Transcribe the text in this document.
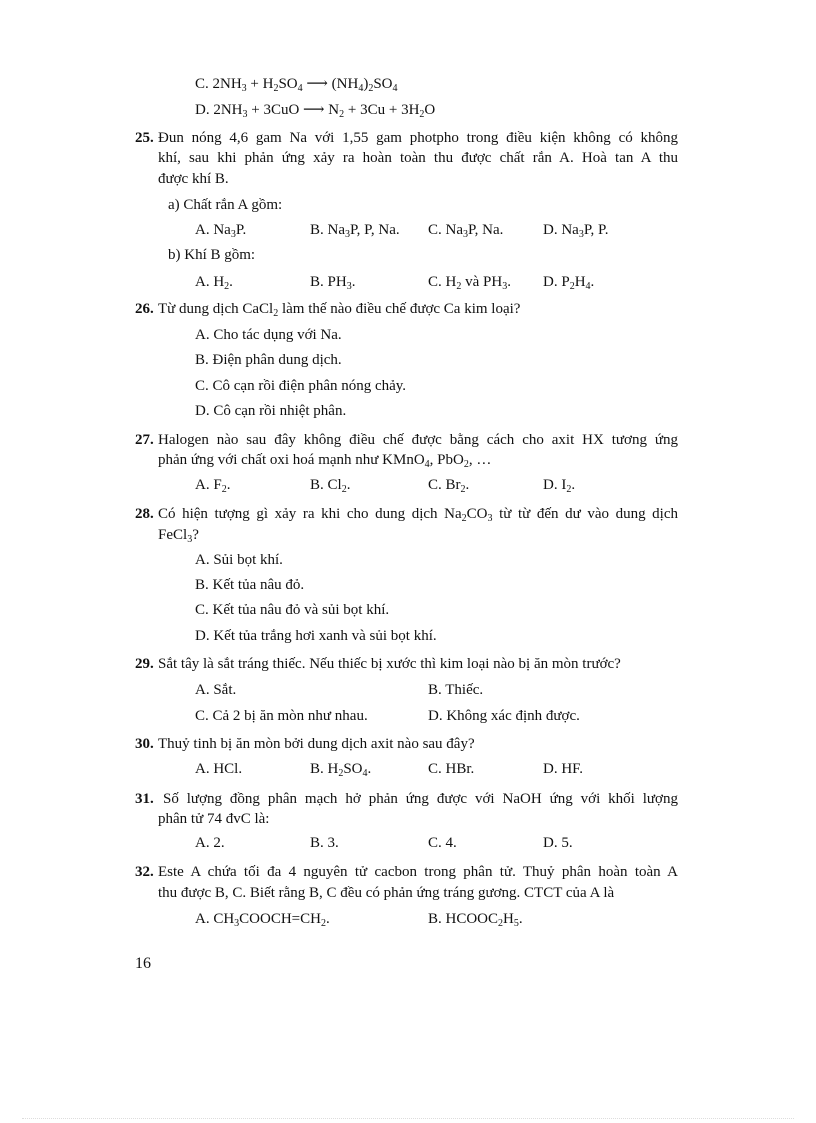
C. $2NH_3 + H_2SO_4$ ⟶ $(NH_4)_2SO_4$
D. $2NH_3 + 3CuO$ ⟶ $N_2 + 3Cu + 3H_2O$
25. Đun nóng 4,6 gam Na với 1,55 gam photpho trong điều kiện không có không
khí, sau khi phản ứng xảy ra hoàn toàn thu được chất rắn A. Hoà tan A thu
được khí B.
a) Chất rắn A gồm:
A. $Na_3P$.	B. $Na_3P$, P, Na. C. $Na_3P$, Na.	D. $Na_3P$, P.
b) Khí B gồm:
A. $H_2$.	B. $PH_3$.	C. $H_2$ và $PH_3$. D. $P_2H_4$.
26. Từ dung dịch CaCl$_2$ làm thế nào điều chế được Ca kim loại?
A. Cho tác dụng với Na.
B. Điện phân dung dịch.
C. Cô cạn rồi điện phân nóng chảy.
D. Cô cạn rồi nhiệt phân.
27. Halogen nào sau đây không điều chế được bằng cách cho axit HX tương ứng
phản ứng với chất oxi hoá mạnh như KMnO$_4$, PbO$_2$, …
A. $F_2$.	B. $Cl_2$.	C. $Br_2$.	D. $I_2$.
28. Có hiện tượng gì xảy ra khi cho dung dịch $Na_2CO_3$ từ từ đến dư vào dung dịch
FeCl$_3$?
A. Sủi bọt khí.
B. Kết tủa nâu đỏ.
C. Kết tủa nâu đỏ và sủi bọt khí.
D. Kết tủa trắng hơi xanh và sủi bọt khí.
29. Sắt tây là sắt tráng thiếc. Nếu thiếc bị xước thì kim loại nào bị ăn mòn trước?
A. Sắt.	B. Thiếc.
C. Cả 2 bị ăn mòn như nhau.	D. Không xác định được.
30. Thuỷ tinh bị ăn mòn bởi dung dịch axit nào sau đây?
A. HCl.	B. $H_2SO_4$.	C. HBr.	D. HF.
31. Số lượng đồng phân mạch hở phản ứng được với NaOH ứng với khối lượng
phân tử 74 đvC là:
A. 2.	B. 3.	C. 4.	D. 5.
32. Este A chứa tối đa 4 nguyên tử cacbon trong phân tử. Thuỷ phân hoàn toàn A
thu được B, C. Biết rằng B, C đều có phản ứng tráng gương. CTCT của A là
A. $CH_3COOCH=CH_2$.	B. $HCOOC_2H_5$.
16
